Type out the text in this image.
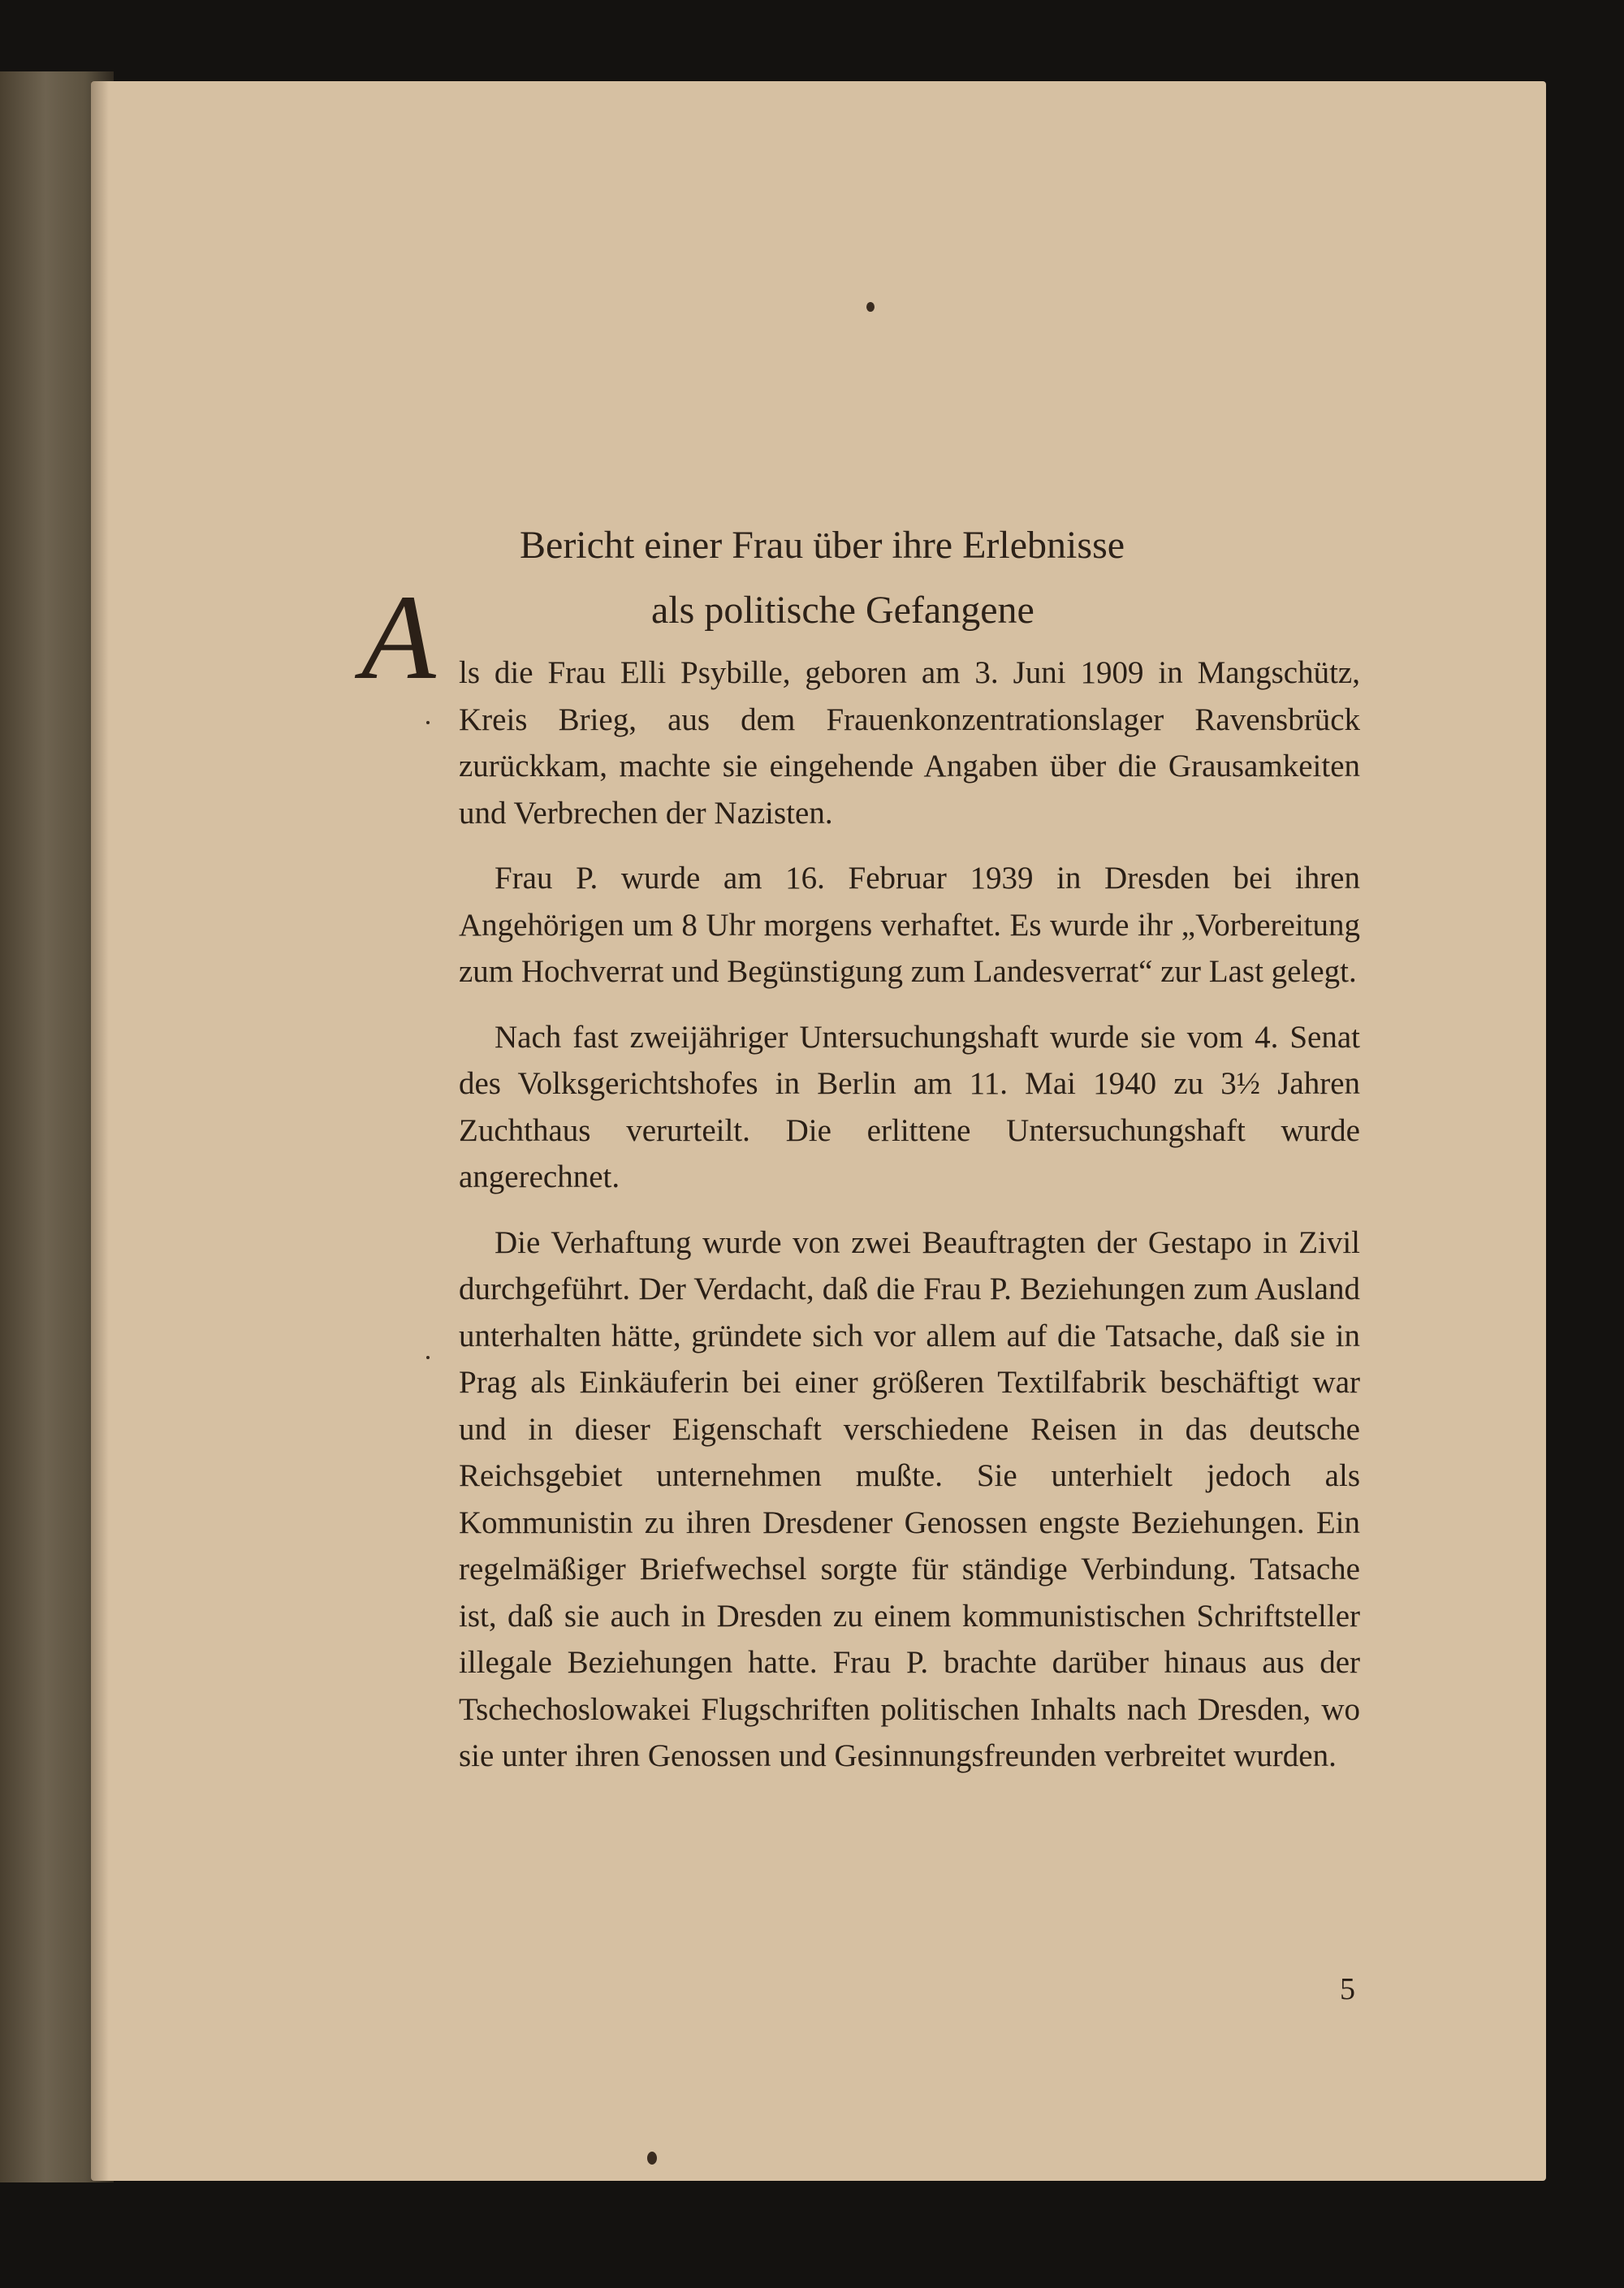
Bericht einer Frau über ihre Erlebnisse
als politische Gefangene
A ls die Frau Elli Psybille, geboren am 3. Juni 1909 in Mangschütz, Kreis Brieg, aus dem Frauenkonzentrationslager Ravensbrück zurückkam, machte sie eingehende Angaben über die Grausamkeiten und Verbrechen der Nazisten.

Frau P. wurde am 16. Februar 1939 in Dresden bei ihren Angehörigen um 8 Uhr morgens verhaftet. Es wurde ihr „Vorbereitung zum Hochverrat und Begünstigung zum Landesverrat“ zur Last gelegt.

Nach fast zweijähriger Untersuchungshaft wurde sie vom 4. Senat des Volksgerichtshofes in Berlin am 11. Mai 1940 zu 3½ Jahren Zuchthaus verurteilt. Die erlittene Untersuchungshaft wurde angerechnet.

Die Verhaftung wurde von zwei Beauftragten der Gestapo in Zivil durchgeführt. Der Verdacht, daß die Frau P. Beziehungen zum Ausland unterhalten hätte, gründete sich vor allem auf die Tatsache, daß sie in Prag als Einkäuferin bei einer größeren Textilfabrik beschäftigt war und in dieser Eigenschaft verschiedene Reisen in das deutsche Reichsgebiet unternehmen mußte. Sie unterhielt jedoch als Kommunistin zu ihren Dresdener Genossen engste Beziehungen. Ein regelmäßiger Briefwechsel sorgte für ständige Verbindung. Tatsache ist, daß sie auch in Dresden zu einem kommunistischen Schriftsteller illegale Beziehungen hatte. Frau P. brachte darüber hinaus aus der Tschechoslowakei Flugschriften politischen Inhalts nach Dresden, wo sie unter ihren Genossen und Gesinnungsfreunden verbreitet wurden.

5
